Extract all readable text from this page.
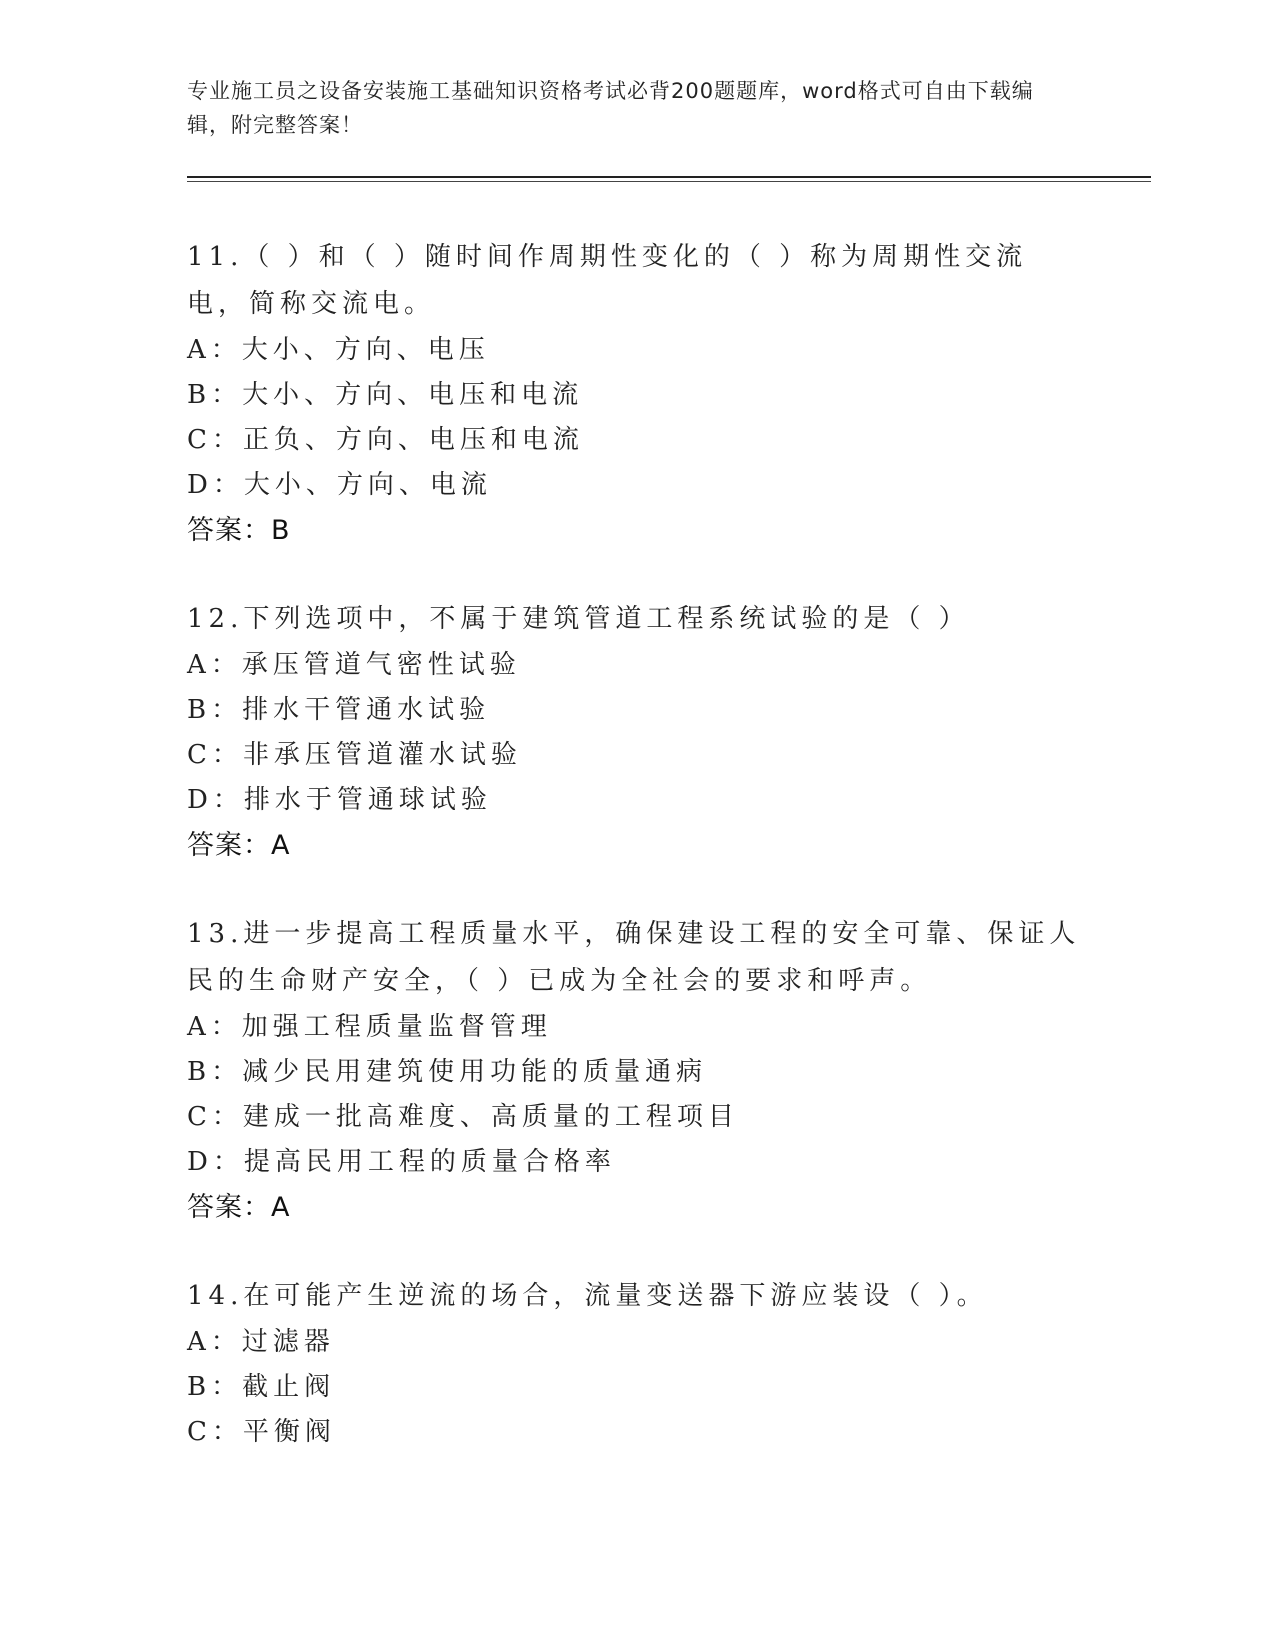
专业施工员之设备安装施工基础知识资格考试必背200题题库，word格式可自由下载编辑，附完整答案！

11.（ ）和（ ）随时间作周期性变化的（ ）称为周期性交流电，简称交流电。

A：大小、方向、电压

B：大小、方向、电压和电流

C：正负、方向、电压和电流

D：大小、方向、电流

答案：B

12.下列选项中，不属于建筑管道工程系统试验的是（ ）

A：承压管道气密性试验

B：排水干管通水试验

C：非承压管道灌水试验

D：排水于管通球试验

答案：A

13.进一步提高工程质量水平，确保建设工程的安全可靠、保证人民的生命财产安全，（ ）已成为全社会的要求和呼声。

A：加强工程质量监督管理

B：减少民用建筑使用功能的质量通病

C：建成一批高难度、高质量的工程项目

D：提高民用工程的质量合格率

答案：A

14.在可能产生逆流的场合，流量变送器下游应装设（ ）。

A：过滤器

B：截止阀

C：平衡阀
